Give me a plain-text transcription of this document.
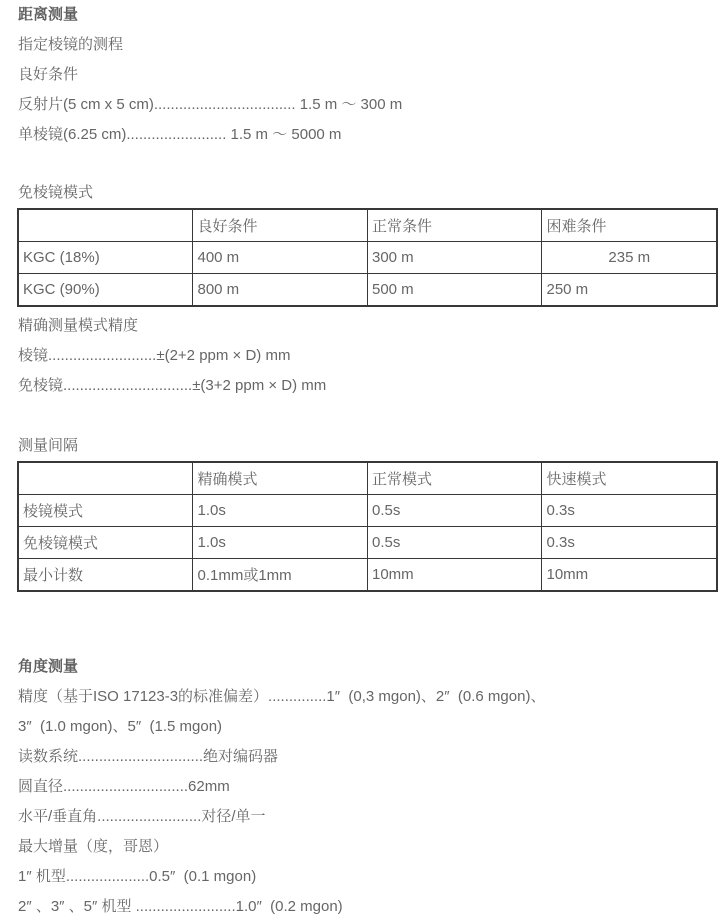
距离测量
指定棱镜的测程
良好条件
反射片(5 cm x 5 cm).................................. 1.5 m ～ 300 m
单棱镜(6.25 cm)........................ 1.5 m ～ 5000 m
免棱镜模式
	良好条件	正常条件	困难条件
KGC (18%)	400 m	300 m	235 m
KGC (90%)	800 m	500 m	250 m
精确测量模式精度
棱镜..........................±(2+2 ppm × D) mm
免棱镜...............................±(3+2 ppm × D) mm
测量间隔
	精确模式	正常模式	快速模式
棱镜模式	1.0s	0.5s	0.3s
免棱镜模式	1.0s	0.5s	0.3s
最小计数	0.1mm或1mm	10mm	10mm
角度测量
精度（基于ISO 17123-3的标准偏差）..............1″  (0,3 mgon)、2″  (0.6 mgon)、
3″  (1.0 mgon)、5″  (1.5 mgon)
读数系统..............................绝对编码器
圆直径..............................62mm
水平/垂直角.........................对径/单一
最大增量（度，哥恩）
1″ 机型....................0.5″  (0.1 mgon)
2″ 、3″ 、5″ 机型 ........................1.0″  (0.2 mgon)
